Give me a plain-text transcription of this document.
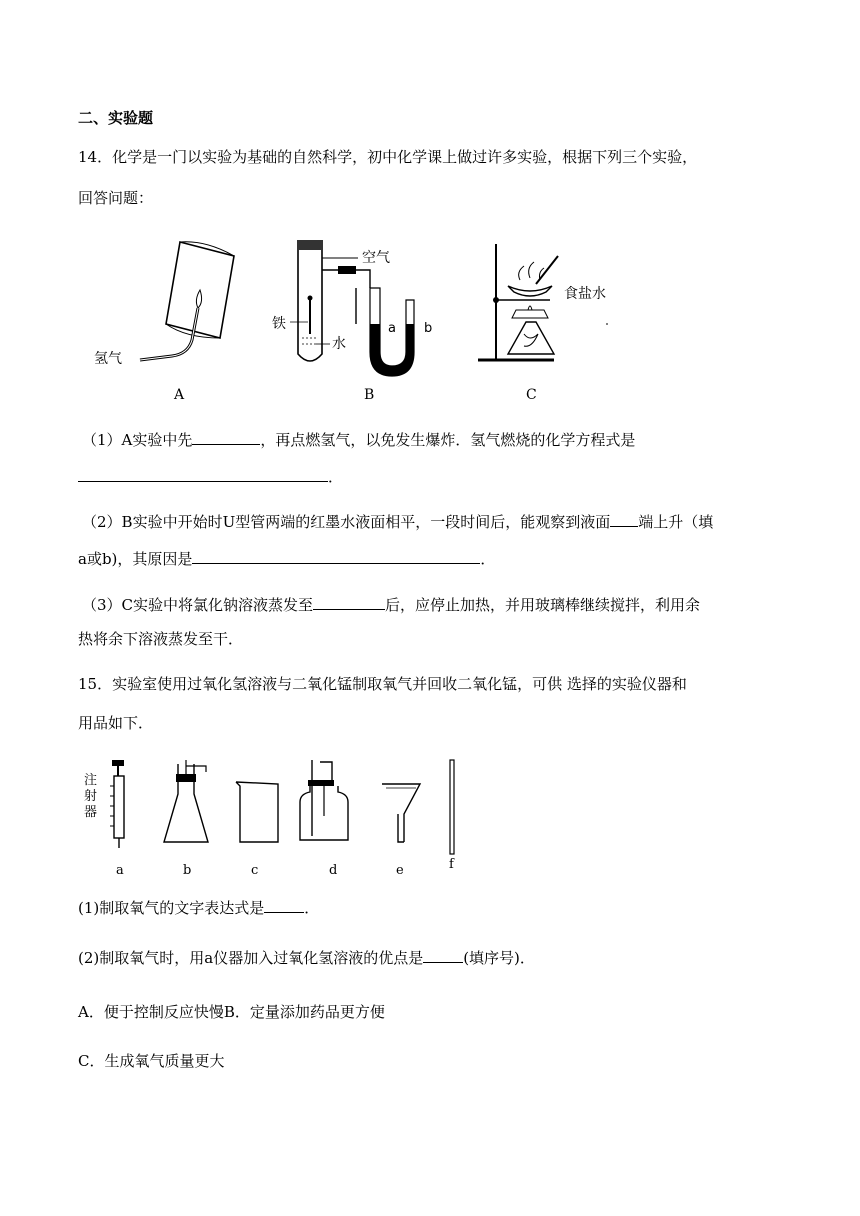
二、实验题
14．化学是一门以实验为基础的自然科学，初中化学课上做过许多实验，根据下列三个实验，
回答问题：
氢气
空气
铁
水
a b
食盐水
A	B	C
（1）A实验中先	，再点燃氢气，以免发生爆炸．氢气燃烧的化学方程式是
．
（2）B实验中开始时U型管两端的红墨水液面相平，一段时间后，能观察到液面 端上升（填
a或b)，其原因是	．
（3）C实验中将氯化钠溶液蒸发至	后，应停止加热，并用玻璃棒继续搅拌，利用余
热将余下溶液蒸发至干．
15．实验室使用过氧化氢溶液与二氧化锰制取氧气并回收二氧化锰，可供 选择的实验仪器和
用品如下．
注 射 器
a	b	c	d	e	f
(1)制取氧气的文字表达式是	．
(2)制取氧气时，用a仪器加入过氧化氢溶液的优点是	(填序号)．
A．便于控制反应快慢B．定量添加药品更方便
C．生成氧气质量更大
